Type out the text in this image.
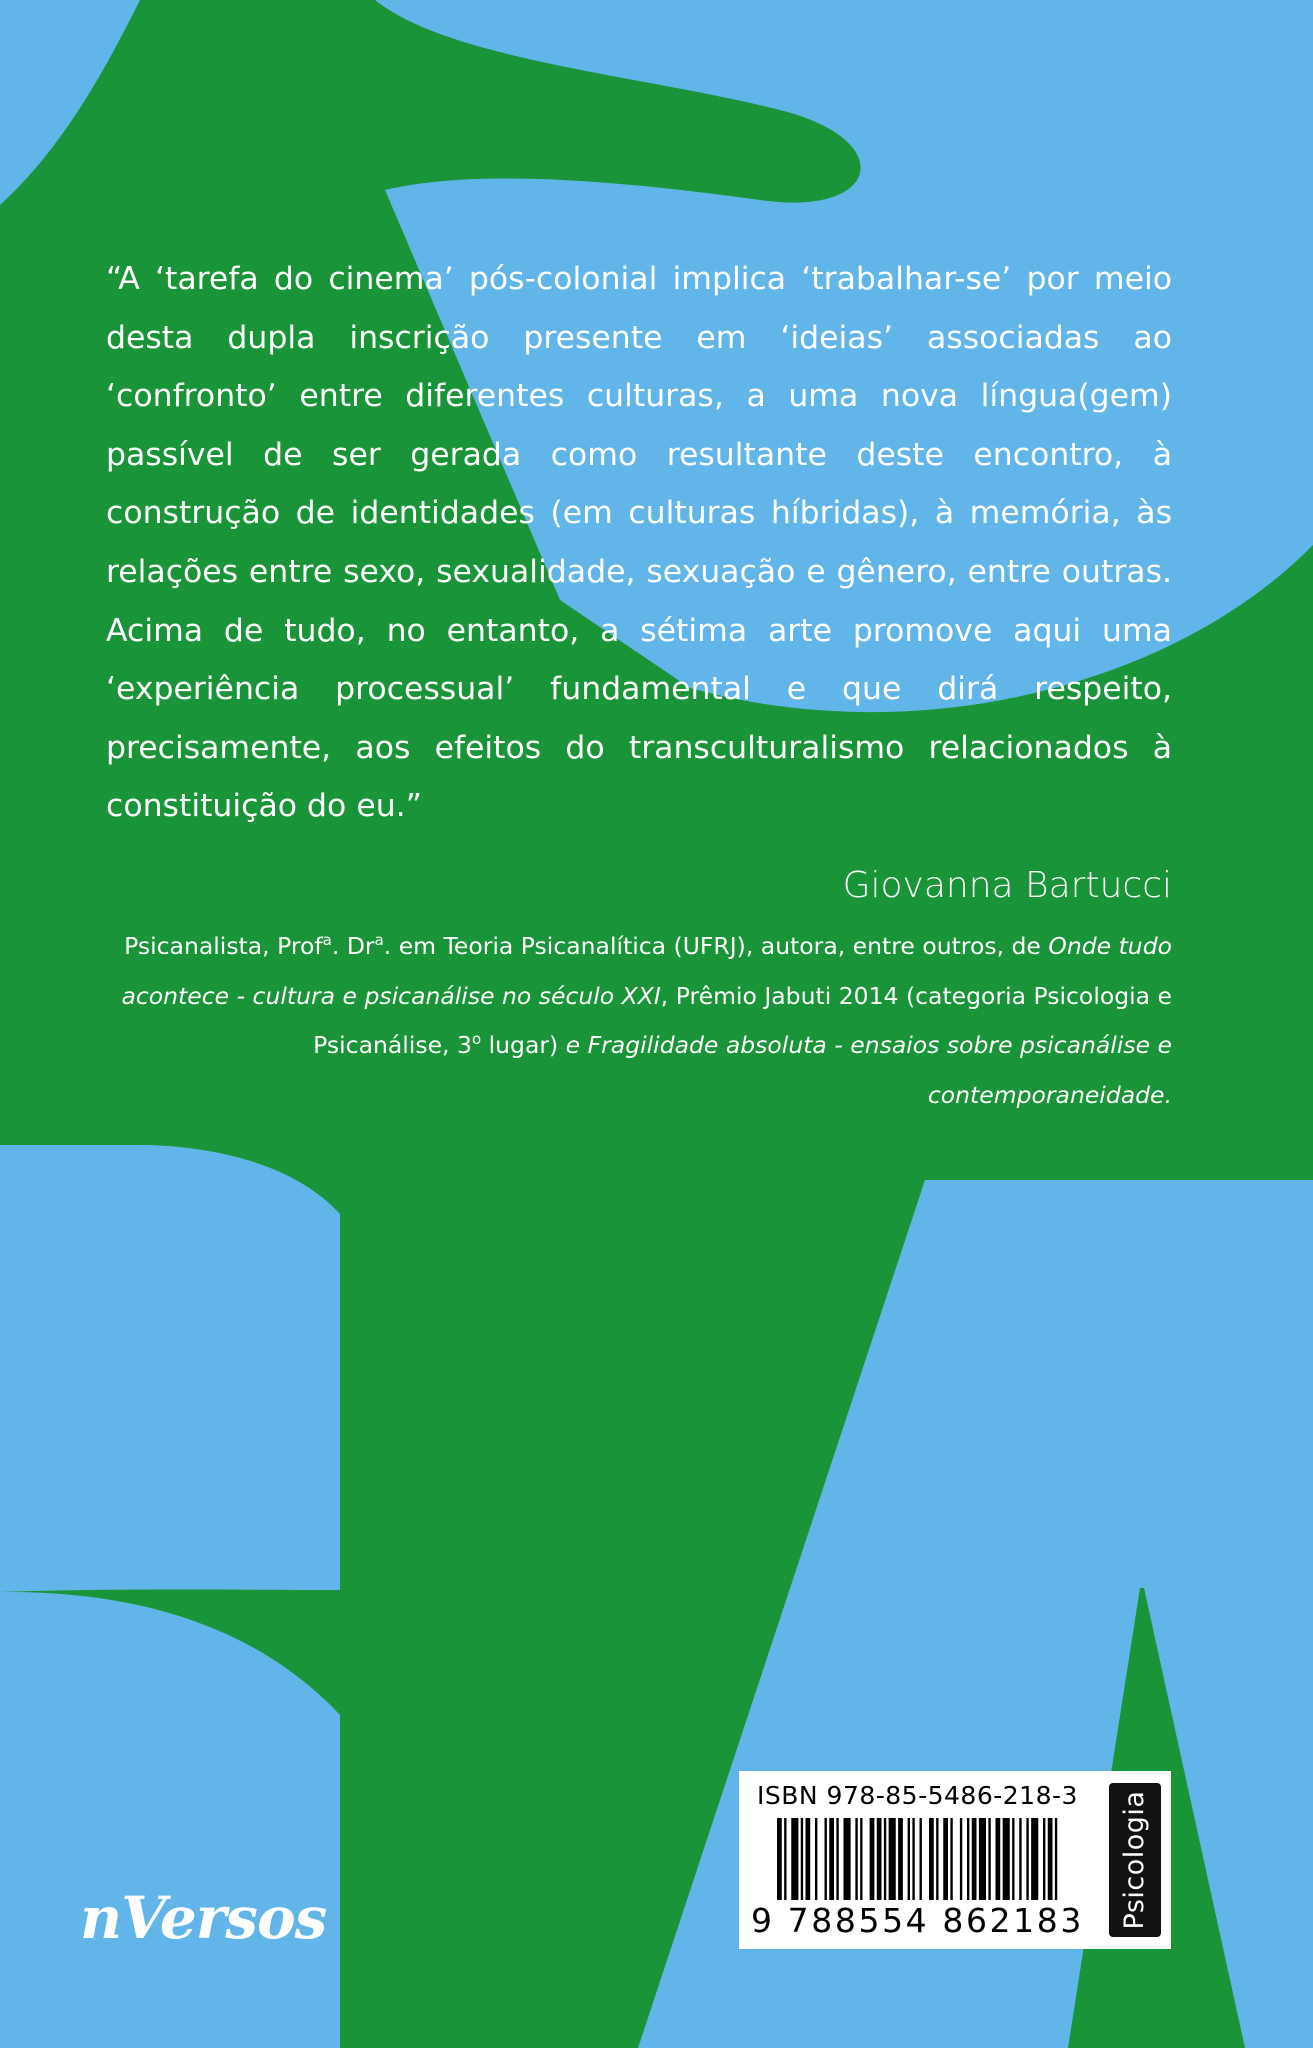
“A ‘tarefa do cinema’ pós-colonial implica ‘trabalhar-se’ por meio desta dupla inscrição presente em ‘ideias’ associadas ao ‘confronto’ entre diferentes culturas, a uma nova língua(gem) passível de ser gerada como resultante deste encontro, à construção de identidades (em culturas híbridas), à memória, às relações entre sexo, sexualidade, sexuação e gênero, entre outras. Acima de tudo, no entanto, a sétima arte promove aqui uma ‘experiência processual’ fundamental e que dirá respeito, precisamente, aos efeitos do transculturalismo relacionados à constituição do eu.”

Giovanna Bartucci

Psicanalista, Prof$^a$. Dr$^a$. em Teoria Psicanalítica (UFRJ), autora, entre outros, de Onde tudo acontece - cultura e psicanálise no século XXI, Prêmio Jabuti 2014 (categoria Psicologia e Psicanálise, 3$^o$ lugar) e Fragilidade absoluta - ensaios sobre psicanálise e contemporaneidade.

nVersos
ISBN 978-85-5486-218-3
9 788554 862183 Psicologia
